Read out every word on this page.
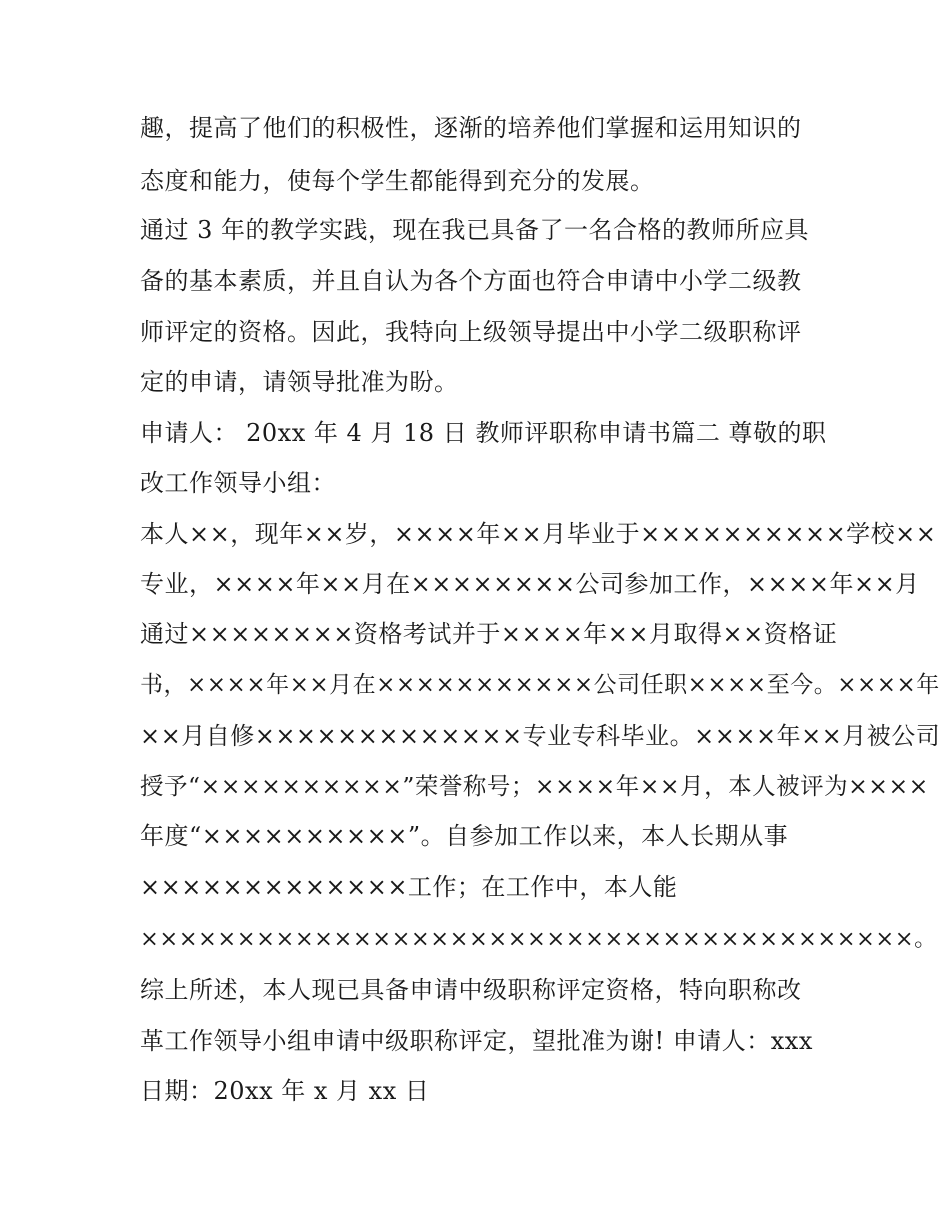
趣，提高了他们的积极性，逐渐的培养他们掌握和运用知识的
态度和能力，使每个学生都能得到充分的发展。
通过 3 年的教学实践，现在我已具备了一名合格的教师所应具
备的基本素质，并且自认为各个方面也符合申请中小学二级教
师评定的资格。因此，我特向上级领导提出中小学二级职称评
定的申请，请领导批准为盼。
申请人： 20xx 年 4 月 18 日 教师评职称申请书篇二 尊敬的职
改工作领导小组：
本人××，现年××岁，××××年××月毕业于××××××××××学校××
专业，××××年××月在××××××××公司参加工作，××××年××月
通过××××××××资格考试并于××××年××月取得××资格证
书，××××年××月在×××××××××××公司任职××××至今。××××年
××月自修×××××××××××××专业专科毕业。××××年××月被公司
授予“××××××××××”荣誉称号；××××年××月，本人被评为××××
年度“××××××××××”。自参加工作以来，本人长期从事
×××××××××××××工作；在工作中，本人能
××××××××××××××××××××××××××××××××××××××××。
综上所述，本人现已具备申请中级职称评定资格，特向职称改
革工作领导小组申请中级职称评定，望批准为谢! 申请人：xxx
日期：20xx 年 x 月 xx 日
